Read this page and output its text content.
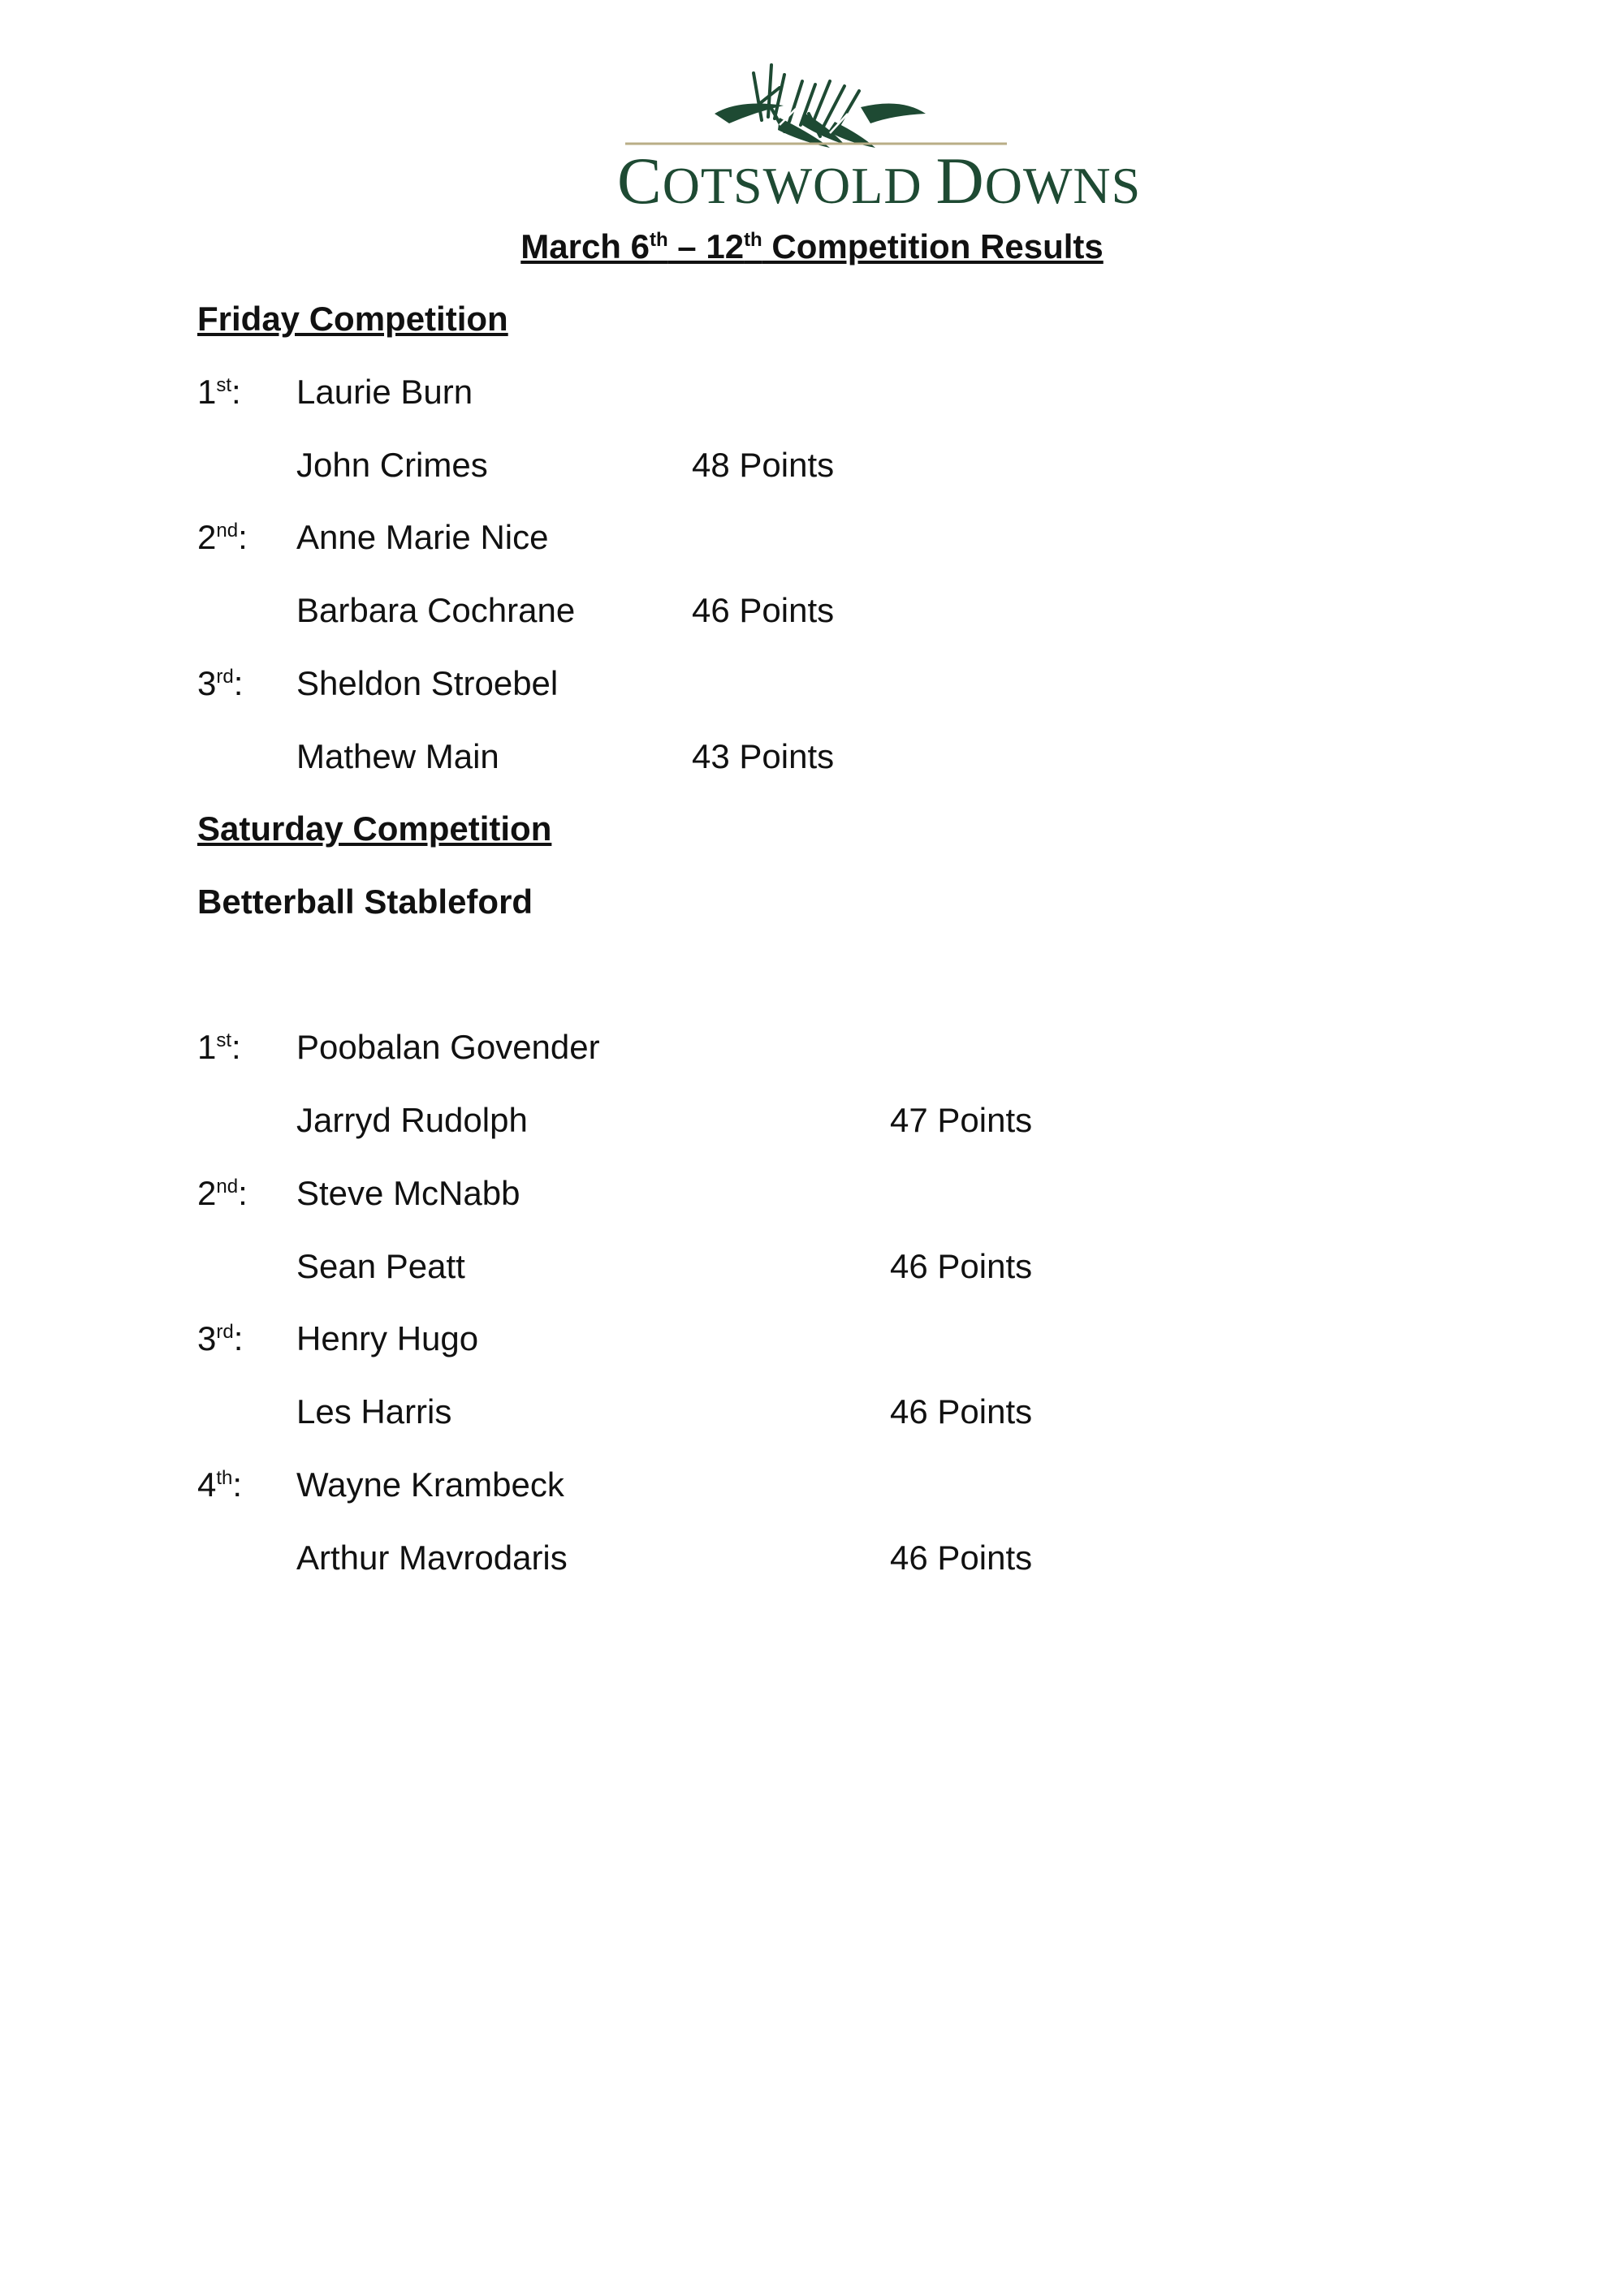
COTSWOLD DOWNS
March 6th – 12th Competition Results
Friday Competition
1st: Laurie Burn
John Crimes	48 Points
2nd: Anne Marie Nice
Barbara Cochrane	46 Points
3rd: Sheldon Stroebel
Mathew Main	43 Points
Saturday Competition
Betterball Stableford
1st: Poobalan Govender
Jarryd Rudolph	47 Points
2nd: Steve McNabb
Sean Peatt	46 Points
3rd: Henry Hugo
Les Harris	46 Points
4th: Wayne Krambeck
Arthur Mavrodaris	46 Points
